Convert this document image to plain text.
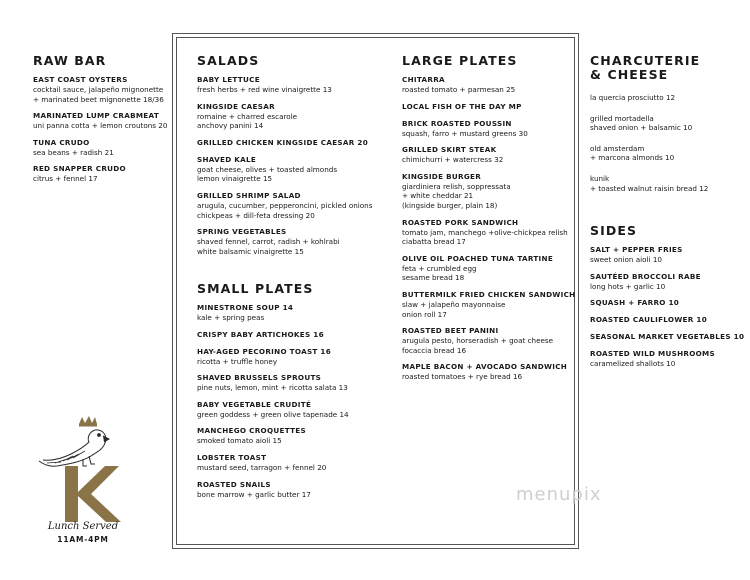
RAW BAR
EAST COAST OYSTERS
cocktail sauce, jalapeño mignonette
+ marinated beet mignonette 18/36
MARINATED LUMP CRABMEAT
uni panna cotta + lemon croutons 20
TUNA CRUDO
sea beans + radish 21
RED SNAPPER CRUDO
citrus + fennel 17
SALADS
BABY LETTUCE
fresh herbs + red wine vinaigrette 13
KINGSIDE CAESAR
romaine + charred escarole
anchovy panini 14
GRILLED CHICKEN KINGSIDE CAESAR 20
SHAVED KALE
goat cheese, olives + toasted almonds
lemon vinaigrette 15
GRILLED SHRIMP SALAD
arugula, cucumber, pepperoncini, pickled onions
chickpeas + dill-feta dressing 20
SPRING VEGETABLES
shaved fennel, carrot, radish + kohlrabi
white balsamic vinaigrette 15
SMALL PLATES
MINESTRONE SOUP 14
kale + spring peas
CRISPY BABY ARTICHOKES 16
HAY-AGED PECORINO TOAST 16
ricotta + truffle honey
SHAVED BRUSSELS SPROUTS
pine nuts, lemon, mint + ricotta salata 13
BABY VEGETABLE CRUDITÉ
green goddess + green olive tapenade 14
MANCHEGO CROQUETTES
smoked tomato aioli 15
LOBSTER TOAST
mustard seed, tarragon + fennel 20
ROASTED SNAILS
bone marrow + garlic butter 17
LARGE PLATES
CHITARRA
roasted tomato + parmesan 25
LOCAL FISH OF THE DAY MP
BRICK ROASTED POUSSIN
squash, farro + mustard greens 30
GRILLED SKIRT STEAK
chimichurri + watercress 32
KINGSIDE BURGER
giardiniera relish, soppressata
+ white cheddar 21
(kingside burger, plain 18)
ROASTED PORK SANDWICH
tomato jam, manchego +olive-chickpea relish
ciabatta bread 17
OLIVE OIL POACHED TUNA TARTINE
feta + crumbled egg
sesame bread 18
BUTTERMILK FRIED CHICKEN SANDWICH
slaw + jalapeño mayonnaise
onion roll 17
ROASTED BEET PANINI
arugula pesto, horseradish + goat cheese
focaccia bread 16
MAPLE BACON + AVOCADO SANDWICH
roasted tomatoes + rye bread 16
CHARCUTERIE
& CHEESE
la quercia prosciutto 12
grilled mortadella
shaved onion + balsamic 10
old amsterdam
+ marcona almonds 10
kunik
+ toasted walnut raisin bread 12
SIDES
SALT + PEPPER FRIES
sweet onion aioli 10
SAUTÉED BROCCOLI RABE
long hots + garlic 10
SQUASH + FARRO 10
ROASTED CAULIFLOWER 10
SEASONAL MARKET VEGETABLES 10
ROASTED WILD MUSHROOMS
caramelized shallots 10
Lunch Served
11AM-4PM
menupix
